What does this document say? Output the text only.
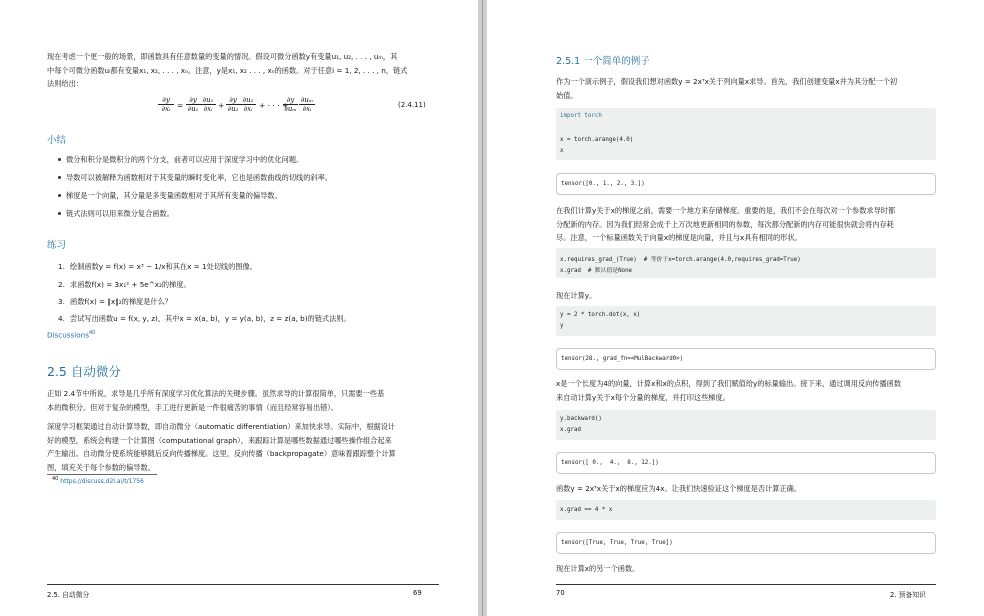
现在考虑一个更一般的场景，即函数具有任意数量的变量的情况。假设可微分函数y有变量u₁, u₂, . . . , uₘ，其
中每个可微分函数uᵢ都有变量x₁, x₂, . . . , xₙ。注意，y是x₁, x₂ . . . , xₙ的函数。对于任意i = 1, 2, . . . , n，链式
法则给出：
$\frac{\partial y}{\text{∂xᵢ}} = \frac{\partial y}{\text{∂u₁}} \frac{\text{∂u₁}}{\text{∂xᵢ}} + \frac{\partial y}{\text{∂u₂}} \frac{\text{∂u₂}}{\text{∂xᵢ}}$ + · · · +
$\frac{\partial y}{\text{∂uₘ}} \frac{\text{∂uₘ}}{\text{∂xᵢ}}$	(2.4.11)
小结
微分和积分是微积分的两个分支，前者可以应用于深度学习中的优化问题。
导数可以被解释为函数相对于其变量的瞬时变化率，它也是函数曲线的切线的斜率。
梯度是一个向量，其分量是多变量函数相对于其所有变量的偏导数。
链式法则可以用来微分复合函数。
练习
1. 绘制函数y = f(x) = x³ − 1/x和其在x = 1处切线的图像。
2. 求函数f(x) = 3x₁² + 5e^x₂的梯度。
3. 函数f(x) = ‖x‖₂的梯度是什么？
4. 尝试写出函数u = f(x, y, z)，其中x = x(a, b)，y = y(a, b)，z = z(a, b)的链式法则。
Discussions$^{40}$
2.5 自动微分
正如 2.4节中所说，求导是几乎所有深度学习优化算法的关键步骤。虽然求导的计算很简单，只需要一些基
本的微积分。但对于复杂的模型，手工进行更新是一件很痛苦的事情（而且经常容易出错）。
深度学习框架通过自动计算导数，即自动微分（automatic differentiation）来加快求导。实际中，根据设计
好的模型，系统会构建一个计算图（computational graph），来跟踪计算是哪些数据通过哪些操作组合起来
产生输出。自动微分使系统能够随后反向传播梯度。这里，反向传播（backpropagate）意味着跟踪整个计算
图，填充关于每个参数的偏导数。
$^{40}$ https://discuss.d2l.ai/t/1756
2.5. 自动微分	69
2.5.1 一个简单的例子
作为一个演示例子，假设我们想对函数y = 2xᵀx关于列向量x求导。首先，我们创建变量x并为其分配一个初
始值。
import torch
x = torch.arange(4.0)
x
tensor([0., 1., 2., 3.])
在我们计算y关于x的梯度之前，需要一个地方来存储梯度。重要的是，我们不会在每次对一个参数求导时都
分配新的内存。因为我们经常会成千上万次地更新相同的参数，每次都分配新的内存可能很快就会将内存耗
尽。注意，一个标量函数关于向量x的梯度是向量，并且与x具有相同的形状。
x.requires_grad_(True)  # 等价于x=torch.arange(4.0,requires_grad=True)
x.grad  # 默认值是None
现在计算y。
y = 2 * torch.dot(x, x)
y
tensor(28., grad_fn=<MulBackward0>)
x是一个长度为4的向量，计算x和x的点积，得到了我们赋值给y的标量输出。接下来，通过调用反向传播函数
来自动计算y关于x每个分量的梯度，并打印这些梯度。
y.backward()
x.grad
tensor([ 0.,  4.,  8., 12.])
函数y = 2xᵀx关于x的梯度应为4x。让我们快速验证这个梯度是否计算正确。
x.grad == 4 * x
tensor([True, True, True, True])
现在计算x的另一个函数。
70	2. 预备知识
